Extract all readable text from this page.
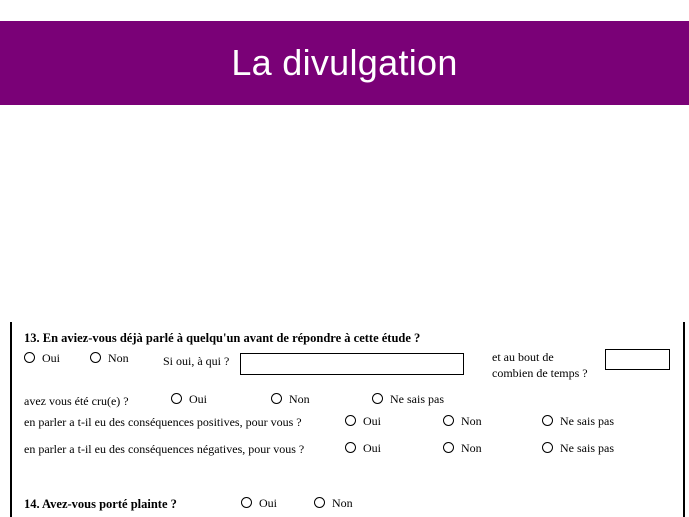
La divulgation
13. En aviez-vous déjà parlé à quelqu'un avant de répondre à cette étude ?
Oui	Non	Si oui, à qui ?	et au bout de
combien de temps ?
avez vous été cru(e) ?	Oui	Non	Ne sais pas
en parler a t-il eu des conséquences positives, pour vous ?	Oui	Non	Ne sais pas
en parler a t-il eu des conséquences négatives, pour vous ?	Oui	Non	Ne sais pas
14. Avez-vous porté plainte ?	Oui	Non
